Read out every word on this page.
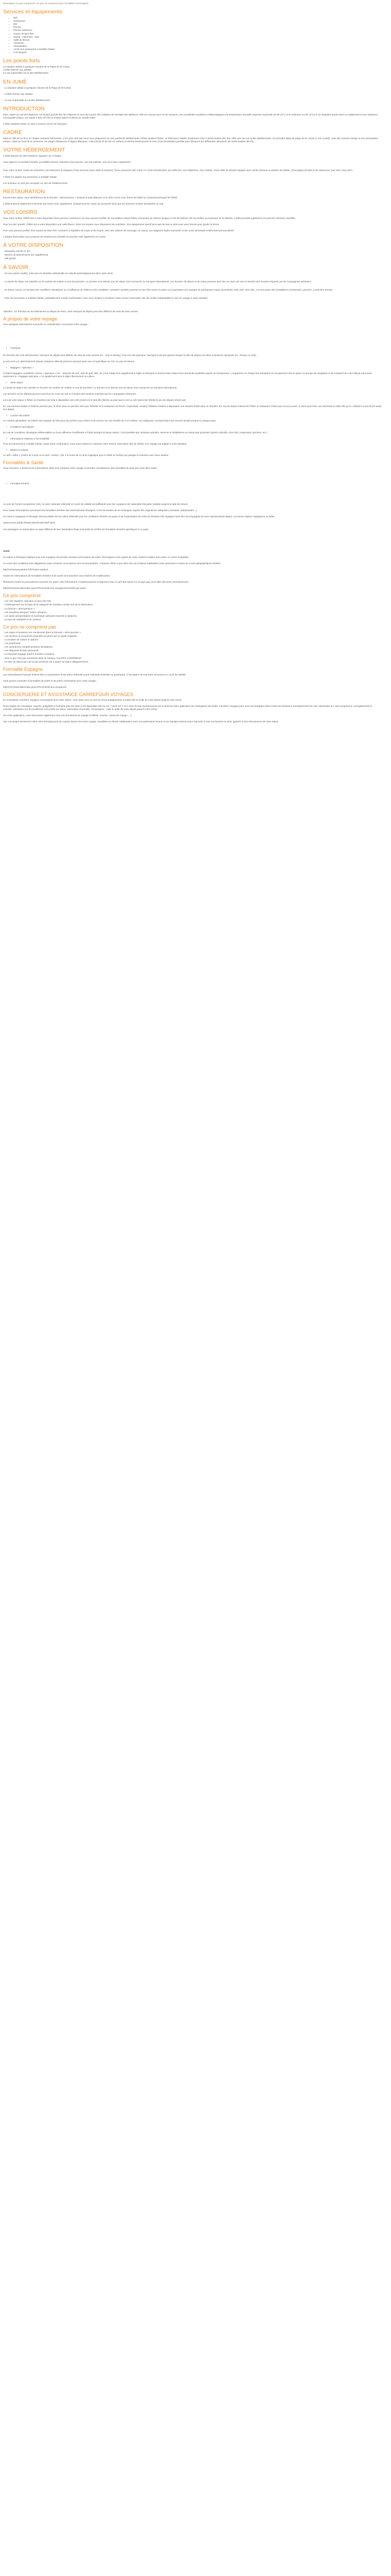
Description Ce prix comprend / Ce prix ne comprend pas Formalités Conciergerie
Services et équipements
• Wifi
• Restaurant
• Bar
• Piscine
• Piscine extérieure
• Centre de bien-être
• Sauna - Hammam - Spa
• Salle de fitness
• Télévision
• Climatisation
• Accès aux personnes à mobilité réduite
• Conciergerie
Les points forts

La situation idéale à quelques minutes de la Playa de El Cotear

L'hôtel réservé aux adultes

La vue imprenable sur la Mer Méditerranée.

EN JUMÉ

- La situation idéale à quelques minutes de la Playa de El Cotear

- L'hôtel réservé aux adultes

- La vue imprenable sur la Mer Méditerranée.

INTRODUCTION

Ibiza, située au sud des Baléares, est la plus grande des îles Pityuses et l'une des quatre îles habitées de l'archipel des Baléares. Elle est connue pour sa vie nocturne, ses excellentes conditions météorologiques (la température annuelle moyenne maximale est de 22°C et le minimum est de 14°C) et sa singulière partie entre ce traditionnel et une ambiance cosmopolite unique, ont rejoué à faire de l'île un endroit adoré et désiré au monde entier.

L'hôtel Abadesé Relax se situe à environ 20 km de l'aéroport.

CADRE

Idéal en ville de ou hors ici chaque semaine intimement. C'est pour cela que nous vous proposons un coin parfait de Méditerranée l'Hôtel Abadesé Relax, un hôtel pour Adultes Seulement situé à Santa Eulària des Riu, offre une vue sur la Mer Méditerranée. En première ligne de plage de Es Canar (1 min à pied), avec des espaces design et une atmosphère unique ! Situé au nord de la commune, les plages fabuleuses d'Aigues Blanques, Cala Llenya (à 10 min en voiture) et Marina Petamacaste la trans d'une localisation parfaite pour découvrir les différentes attractions de Santa Eulària del Riu.

VOTRE HÉBERGEMENT

L'hôtel dispose de 290 chambres réparties sur 3 étages.

Vous logerez en chambre double, possibilité d'autres chambres (vue piscine, vue mer latérale, vue mer) avec supplément.

Pour votre confort, toutes les chambres sont décorées et équipées d'une terrasse (avec table et chaises), d'une connexion wifi, d'une TV, d'une climatisation, de coffre-fort, d'un téléphone, d'un minibar, d'une salle de douche équipée avec sèche-cheveux et articles de toilette. (Tinsanghe) de lotel et de chaussons, puis Rue Vany Nern.

L'hôtel est adapté aux personnes à mobilité réduite.

Les animaux ne sont pas acceptés au sein de l'établissement.

RESTAURATION

Durant votre séjour, vous bénéficierez de la formule « demi-pension » incluant le petit déjeuner et le dîner servis sous forme de buffet au restaurant principal de l'hôtel.

L'hôtel propose également la formule tout inclus avec supplément, incluant tous les repas de la journée ainsi que les boissons locales alcoolisées ou soft.

VOS LOISIRS

Pour votre confort, l'hôtel met à votre disposition deux piscines extérieures où vous pourrez profiter du merveilleux climat d'Ibiza. Entourées de chaises longues et de lits balinais afin de profiter au maximum de la détente. L'hôtel possède également une piscine intérieure chauffée.

Pour les plus sportifs, l'hôtel met à votre disposition une salle fitness. Dans cet espace vous disposerez de machines, d'un équipement sportif ainsi que de tout ce dont vous avez besoin pour garder la forme.

Puis vous pourrez profiter d'un espace de bien-être, consacré à l'équilibre du corps et de l'esprit, avec des cabines de massage, un sauna, une baignoire hydro-massante et des soins de beauté entièrement personnalisés.

L'équipe d'animation vous propose de nombreuses activités en journée mais également en soirée.

À VOTRE DISPOSITION
- Réception 24/24h et 7j/7
- Service de blanchisserie (en supplément)
- Wifi gratuit
À SAVOIR

- Si vous partez seul(e), votre prix en chambre individuelle est calculé automatiquement dans votre devis.

- La durée du séjour est calculée sur le nombre de nuitées et non de journées. Le premier et le dernier jour du séjour sont consacrés au transport international. Les horaires de départ et de retour peuvent avoir lieu en cours de nuit en fonction des horaires imposés par les compagnies aériennes.

- En basse saison, en fonction des conditions climatiques ou à l'affluence de l'hôtel ou des conditions, certaines activités peuvent ne pas être mises en place ou suspendues par manque de participants requis (spectacles, kids club, mini club...) et une partie des installations (restaurants, piscines...) peut être fermée.

- Pour les personnes à mobilité réduite, préalablement à toute confirmation, nous vous invitons à contacter notre service réservation afin de vérifier l'adaptabilité ou non du voyage à votre situation.

Attention : En fonction du vol sélectionné au départ de Paris, votre aéroport de départ peut être différent de celui de votre arrivée.

À propos de votre voyage

Voici quelques informations à prendre en considération concernant votre voyage :

• Transport

En fonction des vols sélectionnés, l'aéroport de départ peut différer de celui de votre arrivée (ex : Orly et Roissy). Pour les vols spéciaux, l'aéroport n'est pas garanti lorsque la ville de départ est reliée à plusieurs aéroports (ex : Roissy ou Orly).

Le prix et le vol, atterrissement depuis certaines villes de province peuvent avoir une vol spécifique en TGV ou par vol interne.

• Bagages « spéciaux »

Certains bagages considérés comme « spéciaux » (ex. : planche de surf, club de golf, vélo, etc.) font l'objet d'un supplément à régler à l'aéroport et doivent faire l'objet d'une demande préalable auprès du transporteur. L'organisme en charge des transports du Groupement met en place un groupe de navigation et de transport de votre départ retrouvant seulement le « bagages spéciaux » Ce supplément sera à régler directement sur place.

• Votre séjour

La durée de séjour est calculée en fonction du nombre de nuitées et non de journées. Le premier et le dernier jour du séjour sont consacrés au transport international.

Les arrivées ou les départs peuvent avoir lieu en cours de nuit en fonction des horaires imposés par les compagnies aériennes.

Lors de votre séjour à l'hôtel, la chambre est mise à disposition vers 15h (check-in) et doit être libérée au plus tard à 11h ou 12h (selon les hôtels) le jour du départ (check-out).

En cas d'arrivée tardive à l'hôtel le premier jour, le dîner peut ne pas être servi par l'hôtelier si le restaurant est fermé. Cependant, certains hôteliers mettent à disposition une assiette froide dans la chambre. En cas de départ matinal de l'hôtel, le restaurant n'étant pas encore ouvert, le client peut faire une demande la veille afin qu'un collation lui soit fourni avant son départ.

• Confort des bébés

Un nombre généralisé, les hôtels sont équipés de berceaux (et parfois sont confort et de service sur une échelle de 2 à 5 étoiles, ces catégories correspondent aux normes locales propres à chaque pays.

• Conditions spécifiques

En cas de conditions climatiques défavorables ou d'une affluence insuffisante à l'hôtel pendant la basse saison, il est possible que certaines activités, services et installations ne soient pas proposés (sports collectifs, mini-club, restaurants, piscines, etc.).

• Informations relatives à l'accessibilité

Pour les personnes à mobilité réduite, avant toute confirmation, nous vous invitons à contacter notre service réservation afin de vérifier si le voyage est adapté à votre situation.

• Bébés et enfants

Le tarif « bébé » (moins de 2 ans) ou le tarif « enfant » (de 2 à moins de 12 ans) s'applique pour le bébé ou l'enfant qui partage la chambre avec deux adultes.

Formalités & Santé

Vous trouverez ci-dessous les informations utiles pour préparer votre voyage et prendre connaissance des actualités du pays que vous allez visiter.

• Formalité d'entrée

Au sein de l'Union européenne (UE), la carte nationale d'identité en cours de validité est suffisante pour les voyageurs de nationalité française (valable jusqu'à la date de retour).

Pour toutes informations concernant les formalités d'entrée des ressortissants étrangers, il est nécessaire de se renseigner auprès des organismes adéquats (consulats, ambassades...).

Un mineur voyageant à l'étranger devrait justifier de leur pièce d'identité (voir les conditions d'entrée du pays) et de l'autorisation de sortie du territoire s'ils voyagent sans être accompagnés de leurs représentants légaux. La mineur régime s'appliquent au bébé.

www.service-public.fr/particuliers/vosdroits/F1922

Les passagers en transit dans un pays différent de leur destination finale sont priés de vérifier les formalités d'entrée spécifiques à ce pays.

Santé

Un séjour à l'étranger implique pour tout voyageur de prendre certaines précautions de santé. Renseignez-vous auprès de votre médecin traitant et/ou dans un centre hospitalier.

Au cours des conditions sont obligatoires mais certaines vaccinations sont recommandées ; s'assurer d'être à jour dans ses vaccinations habituelles mais aussi liées à toutes les zones géographiques visitées.

http/XXXXwww.pasteur.fr/fr/centre-medical

Toutes les informations de formalités d'entrée et de santé sont données sous réserve de modifications.

Retrouvez toutes les précautions à prendre sur place, des informations complémentaires et apprenez tout ce qu'il faut savoir sur le pays que vous allez découvrir prochainement :

http/XXXXwww.diplomatie.gouv.fr/fr/conseils-aux-voyageurs/conseils-par-pays/

Ce prix comprend
- Les vols réguliers, spéciaux ou low-cost A/R,
- L'hébergement sur la base de la catégorie de chambre choisie lors de la réservation,
- La formule « demi-pension »,
- Les transferts aéroport / hôtel / aéroport,
- Les taxes aéroportuaires et surcharge carburant (soumis à variation),
- La taxe de solidarité et de carbone.
Ce prix ne comprend pas
- Les repas et boissons non mentionnés dans la formule « demi-pension »,
- Les services et excursions proposés sur place par un guide organisé,
- La location de voiture et options,
- Les pourboires,
- Les assurances complémentaires facultatives,
- Les dépenses d'ordre personnel,
- La franchise bagage (sauf si mention contraire),
- Tout ce qui n'est pas mentionné dans la rubrique "CE PRIX COMPREND"
- La taxe de séjour par nuit et par personne est à payer sur place obligatoirement.
Formalité Espagne

Les ressortissants français doivent être en possession d'une pièce d'identité (carte nationale d'identité ou passeport), à l'exception de tout autre document en cours de validité.

Vous pouvez consulter la formalités de santé et de police nécessaires pour votre voyage :

http/XXXXwww.diplomatie.gouv.fr/fr/conseils-aux-voyageurs/

CONCIERGERIE ET ASSISTANCE CARREFOUR VOYAGES

En choisissant Carrefour Voyages Conciergerie pour votre séjour, vous optez pour un service d'accompagnement complet dès la veille de votre départ jusqu'à votre retour.

Notre équipe de concierges, experte, polyglotte et humaine (pas de robot !) est disponible 24h sur 24, 7 jours sur 7 et à votre écoute exclusivement par le biais de notre application de messagerie sécurisée. Carrefour Voyages pour vous accompagner dans toutes les situations (enregistrement de vols, demandes sur votre programme, enregistrement & conseils, assistance sur les problèmes rencontrés sur place, réservation d'activités, conciergerie...) dès la veille de votre départ jusqu'à votre retour.

Via notre application, vous retrouverez également tous vos documents de voyage (e-billets, voucher, carnet de voyage, ...).

Vos concierges deviennent alors votre principal point de contact durant tout votre voyage, travaillant en étroite collaboration avec nos partenaires locaux et nos équipes internes pour répondre à tous vos besoins et ainsi, garantir le bon déroulement de votre séjour.
